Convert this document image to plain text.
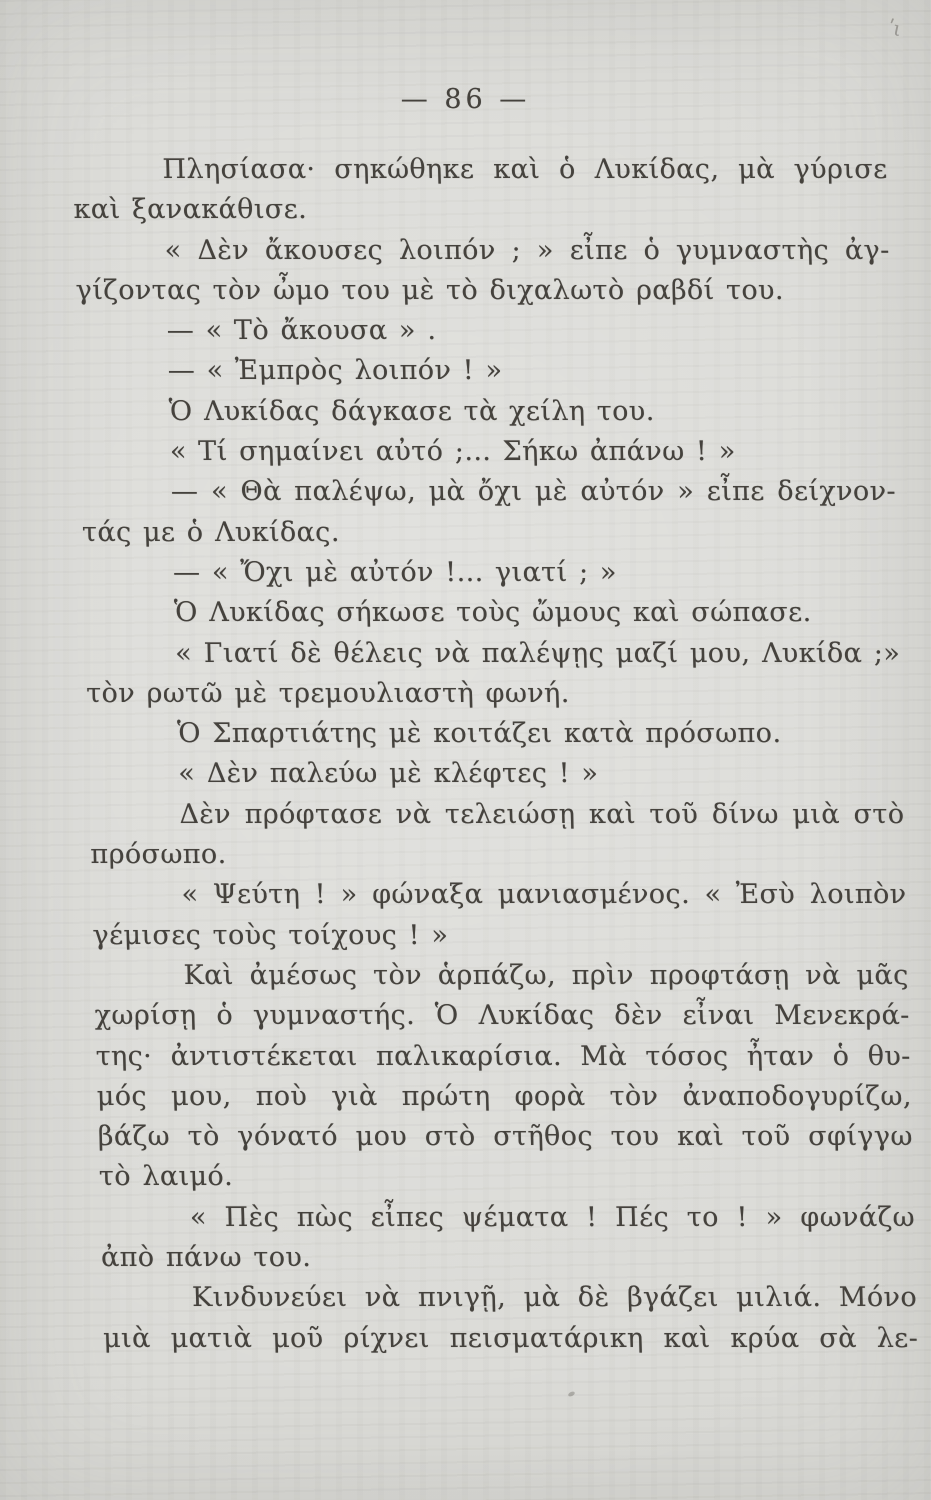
— 86 —
ʹι
Πλησίασα· σηκώθηκε καὶ ὁ Λυκίδας, μὰ γύρισε
καὶ ξανακάθισε.
« Δὲν ἄκουσες λοιπόν ; » εἶπε ὁ γυμναστὴς ἀγ-
γίζοντας τὸν ὦμο του μὲ τὸ διχαλωτὸ ραβδί του.
— « Τὸ ἄκουσα » .
— « Ἐμπρὸς λοιπόν ! »
Ὁ Λυκίδας δάγκασε τὰ χείλη του.
« Τί σημαίνει αὐτό ;... Σήκω ἀπάνω ! »
— « Θὰ παλέψω, μὰ ὄχι μὲ αὐτόν » εἶπε δείχνον-
τάς με ὁ Λυκίδας.
— « Ὄχι μὲ αὐτόν !... γιατί ; »
Ὁ Λυκίδας σήκωσε τοὺς ὤμους καὶ σώπασε.
« Γιατί δὲ θέλεις νὰ παλέψῃς μαζί μου, Λυκίδα ;»
τὸν ρωτῶ μὲ τρεμουλιαστὴ φωνή.
Ὁ Σπαρτιάτης μὲ κοιτάζει κατὰ πρόσωπο.
« Δὲν παλεύω μὲ κλέφτες ! »
Δὲν πρόφτασε νὰ τελειώσῃ καὶ τοῦ δίνω μιὰ στὸ
πρόσωπο.
« Ψεύτη ! » φώναξα μανιασμένος. « Ἐσὺ λοιπὸν
γέμισες τοὺς τοίχους ! »
Καὶ ἀμέσως τὸν ἁρπάζω, πρὶν προφτάσῃ νὰ μᾶς
χωρίσῃ ὁ γυμναστής. Ὁ Λυκίδας δὲν εἶναι Μενεκρά-
της· ἀντιστέκεται παλικαρίσια. Μὰ τόσος ἦταν ὁ θυ-
μός μου, ποὺ γιὰ πρώτη φορὰ τὸν ἀναποδογυρίζω,
βάζω τὸ γόνατό μου στὸ στῆθος του καὶ τοῦ σφίγγω
τὸ λαιμό.
« Πὲς πὼς εἶπες ψέματα ! Πές το ! » φωνάζω
ἀπὸ πάνω του.
Κινδυνεύει νὰ πνιγῇ, μὰ δὲ βγάζει μιλιά. Μόνο
μιὰ ματιὰ μοῦ ρίχνει πεισματάρικη καὶ κρύα σὰ λε-
